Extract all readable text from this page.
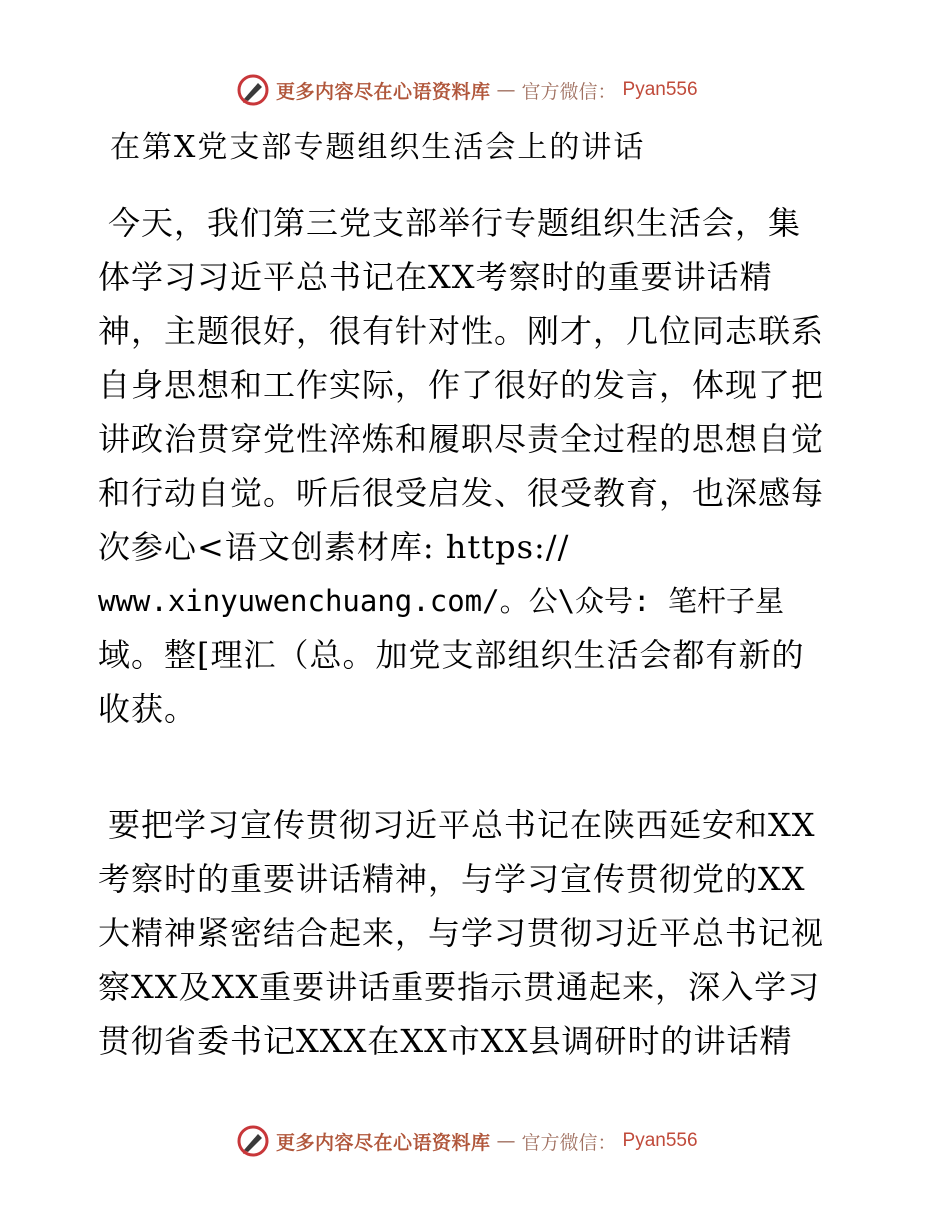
更多内容尽在心语资料库 — 官方微信： Pyan556
在第X党支部专题组织生活会上的讲话
今天，我们第三党支部举行专题组织生活会，集
体学习习近平总书记在XX考察时的重要讲话精
神，主题很好，很有针对性。刚才，几位同志联系
自身思想和工作实际，作了很好的发言，体现了把
讲政治贯穿党性淬炼和履职尽责全过程的思想自觉
和行动自觉。听后很受启发、很受教育，也深感每
次参心<语文创素材库: https://
www.xinyuwenchuang.com/。公\众号: 笔杆子星
域。整[理汇（总。加党支部组织生活会都有新的
收获。
要把学习宣传贯彻习近平总书记在陕西延安和XX
考察时的重要讲话精神，与学习宣传贯彻党的XX
大精神紧密结合起来，与学习贯彻习近平总书记视
察XX及XX重要讲话重要指示贯通起来，深入学习
贯彻省委书记XXX在XX市XX县调研时的讲话精
更多内容尽在心语资料库 — 官方微信： Pyan556
